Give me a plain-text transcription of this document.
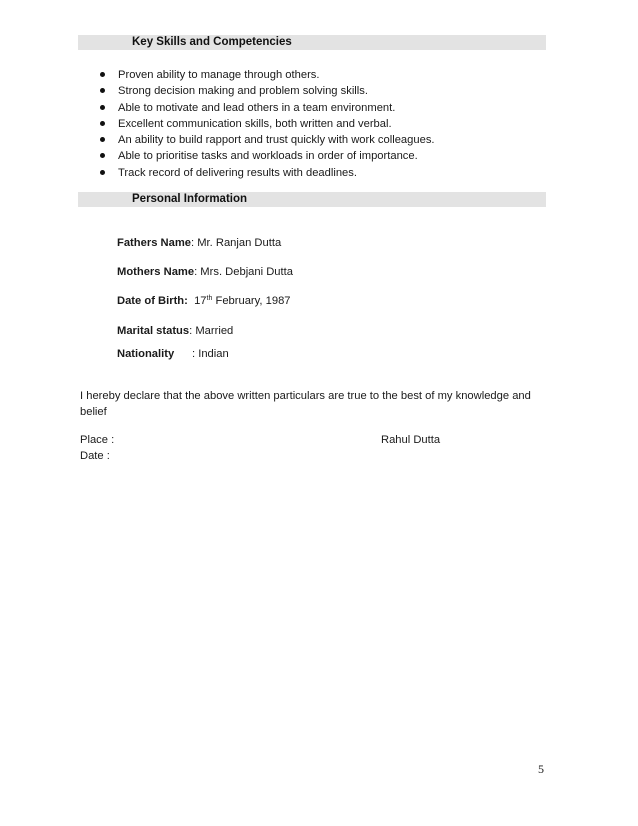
Key Skills and Competencies
Proven ability to manage through others.
Strong decision making and problem solving skills.
Able to motivate and lead others in a team environment.
Excellent communication skills, both written and verbal.
An ability to build rapport and trust quickly with work colleagues.
Able to prioritise tasks and workloads in order of importance.
Track record of delivering results with deadlines.
Personal Information
Fathers Name: Mr. Ranjan Dutta
Mothers Name: Mrs. Debjani Dutta
Date of Birth: 17th February, 1987
Marital status: Married
Nationality : Indian
I hereby declare that the above written particulars are true to the best of my knowledge and belief
Place :
Date :
Rahul Dutta
5
